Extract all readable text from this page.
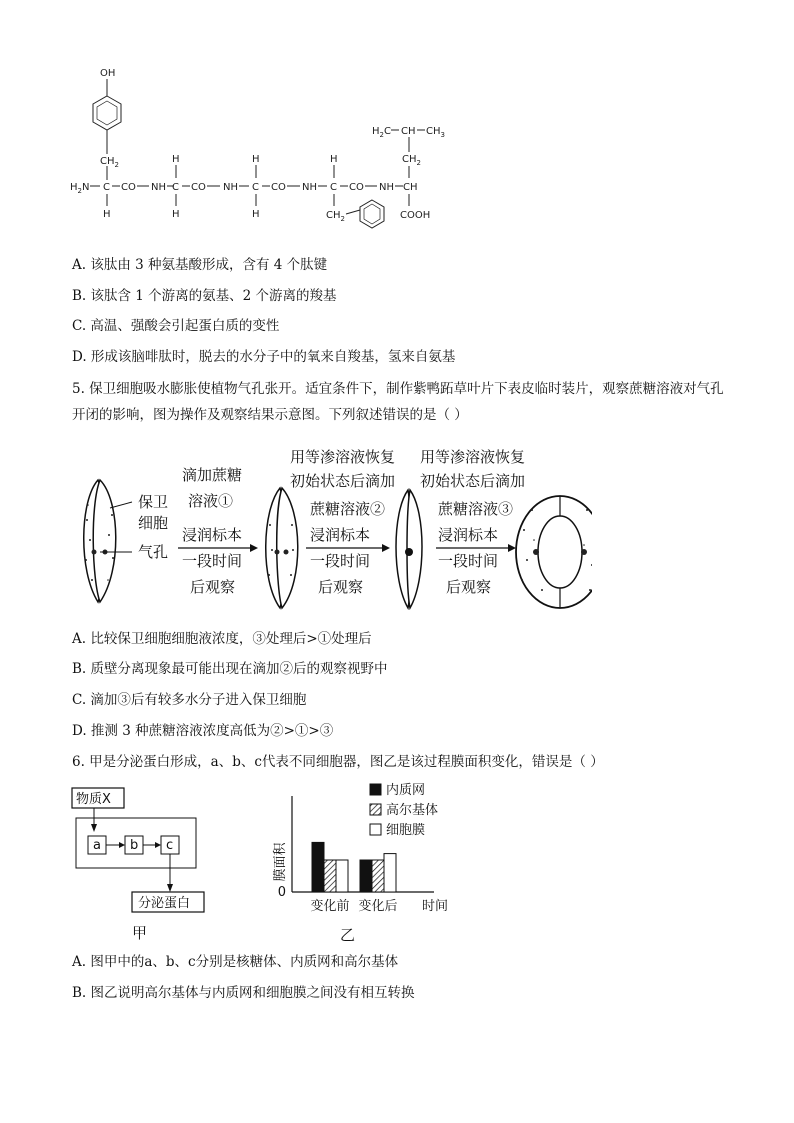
OH
$CH_2$
$H_2N$ C CO NH
H
H
C
H
CO NH
H
C
H
CO NH
H
C
$CH_2$
CO NH
$H_2C$ CH $CH_3$
$CH_2$
CH
COOH
A. 该肽由 3 种氨基酸形成，含有 4 个肽键
B. 该肽含 1 个游离的氨基、2 个游离的羧基
C. 高温、强酸会引起蛋白质的变性
D. 形成该脑啡肽时，脱去的水分子中的氧来自羧基，氢来自氨基
5. 保卫细胞吸水膨胀使植物气孔张开。适宜条件下，制作紫鸭跖草叶片下表皮临时装片，观察蔗糖溶液对气孔开闭的影响，图为操作及观察结果示意图。下列叙述错误的是（ ）
保卫
细胞
气孔
滴加蔗糖
溶液①
浸润标本
一段时间
后观察
用等渗溶液恢复
初始状态后滴加
蔗糖溶液②
浸润标本
一段时间
后观察
用等渗溶液恢复
初始状态后滴加
蔗糖溶液③
浸润标本
一段时间
后观察
A. 比较保卫细胞细胞液浓度，③处理后>①处理后
B. 质壁分离现象最可能出现在滴加②后的观察视野中
C. 滴加③后有较多水分子进入保卫细胞
D. 推测 3 种蔗糖溶液浓度高低为②>①>③
6. 甲是分泌蛋白形成，a、b、c代表不同细胞器，图乙是该过程膜面积变化，错误是（ ）
物质X
a b c
分泌蛋白
甲
膜面积
0
内质网
高尔基体
细胞膜
变化前 变化后 时间
乙
A. 图甲中的a、b、c分别是核糖体、内质网和高尔基体
B. 图乙说明高尔基体与内质网和细胞膜之间没有相互转换
